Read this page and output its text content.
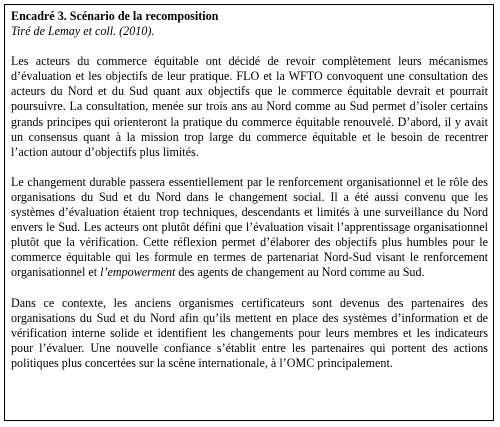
Encadré 3. Scénario de la recomposition

Tiré de Lemay et coll. (2010).

Les acteurs du commerce équitable ont décidé de revoir complètement leurs mécanismes d’évaluation et les objectifs de leur pratique. FLO et la WFTO convoquent une consultation des acteurs du Nord et du Sud quant aux objectifs que le commerce équitable devrait et pourrait poursuivre. La consultation, menée sur trois ans au Nord comme au Sud permet d’isoler certains grands principes qui orienteront la pratique du commerce équitable renouvelé. D’abord, il y avait un consensus quant à la mission trop large du commerce équitable et le besoin de recentrer l’action autour d’objectifs plus limités.

Le changement durable passera essentiellement par le renforcement organisationnel et le rôle des organisations du Sud et du Nord dans le changement social. Il a été aussi convenu que les systèmes d’évaluation étaient trop techniques, descendants et limités à une surveillance du Nord envers le Sud. Les acteurs ont plutôt défini que l’évaluation visait l’apprentissage organisationnel plutôt que la vérification. Cette réflexion permet d’élaborer des objectifs plus humbles pour le commerce équitable qui les formule en termes de partenariat Nord-Sud visant le renforcement organisationnel et l’empowerment des agents de changement au Nord comme au Sud.

Dans ce contexte, les anciens organismes certificateurs sont devenus des partenaires des organisations du Sud et du Nord afin qu’ils mettent en place des systèmes d’information et de vérification interne solide et identifient les changements pour leurs membres et les indicateurs pour l’évaluer. Une nouvelle confiance s’établit entre les partenaires qui portent des actions politiques plus concertées sur la scène internationale, à l’OMC principalement.
